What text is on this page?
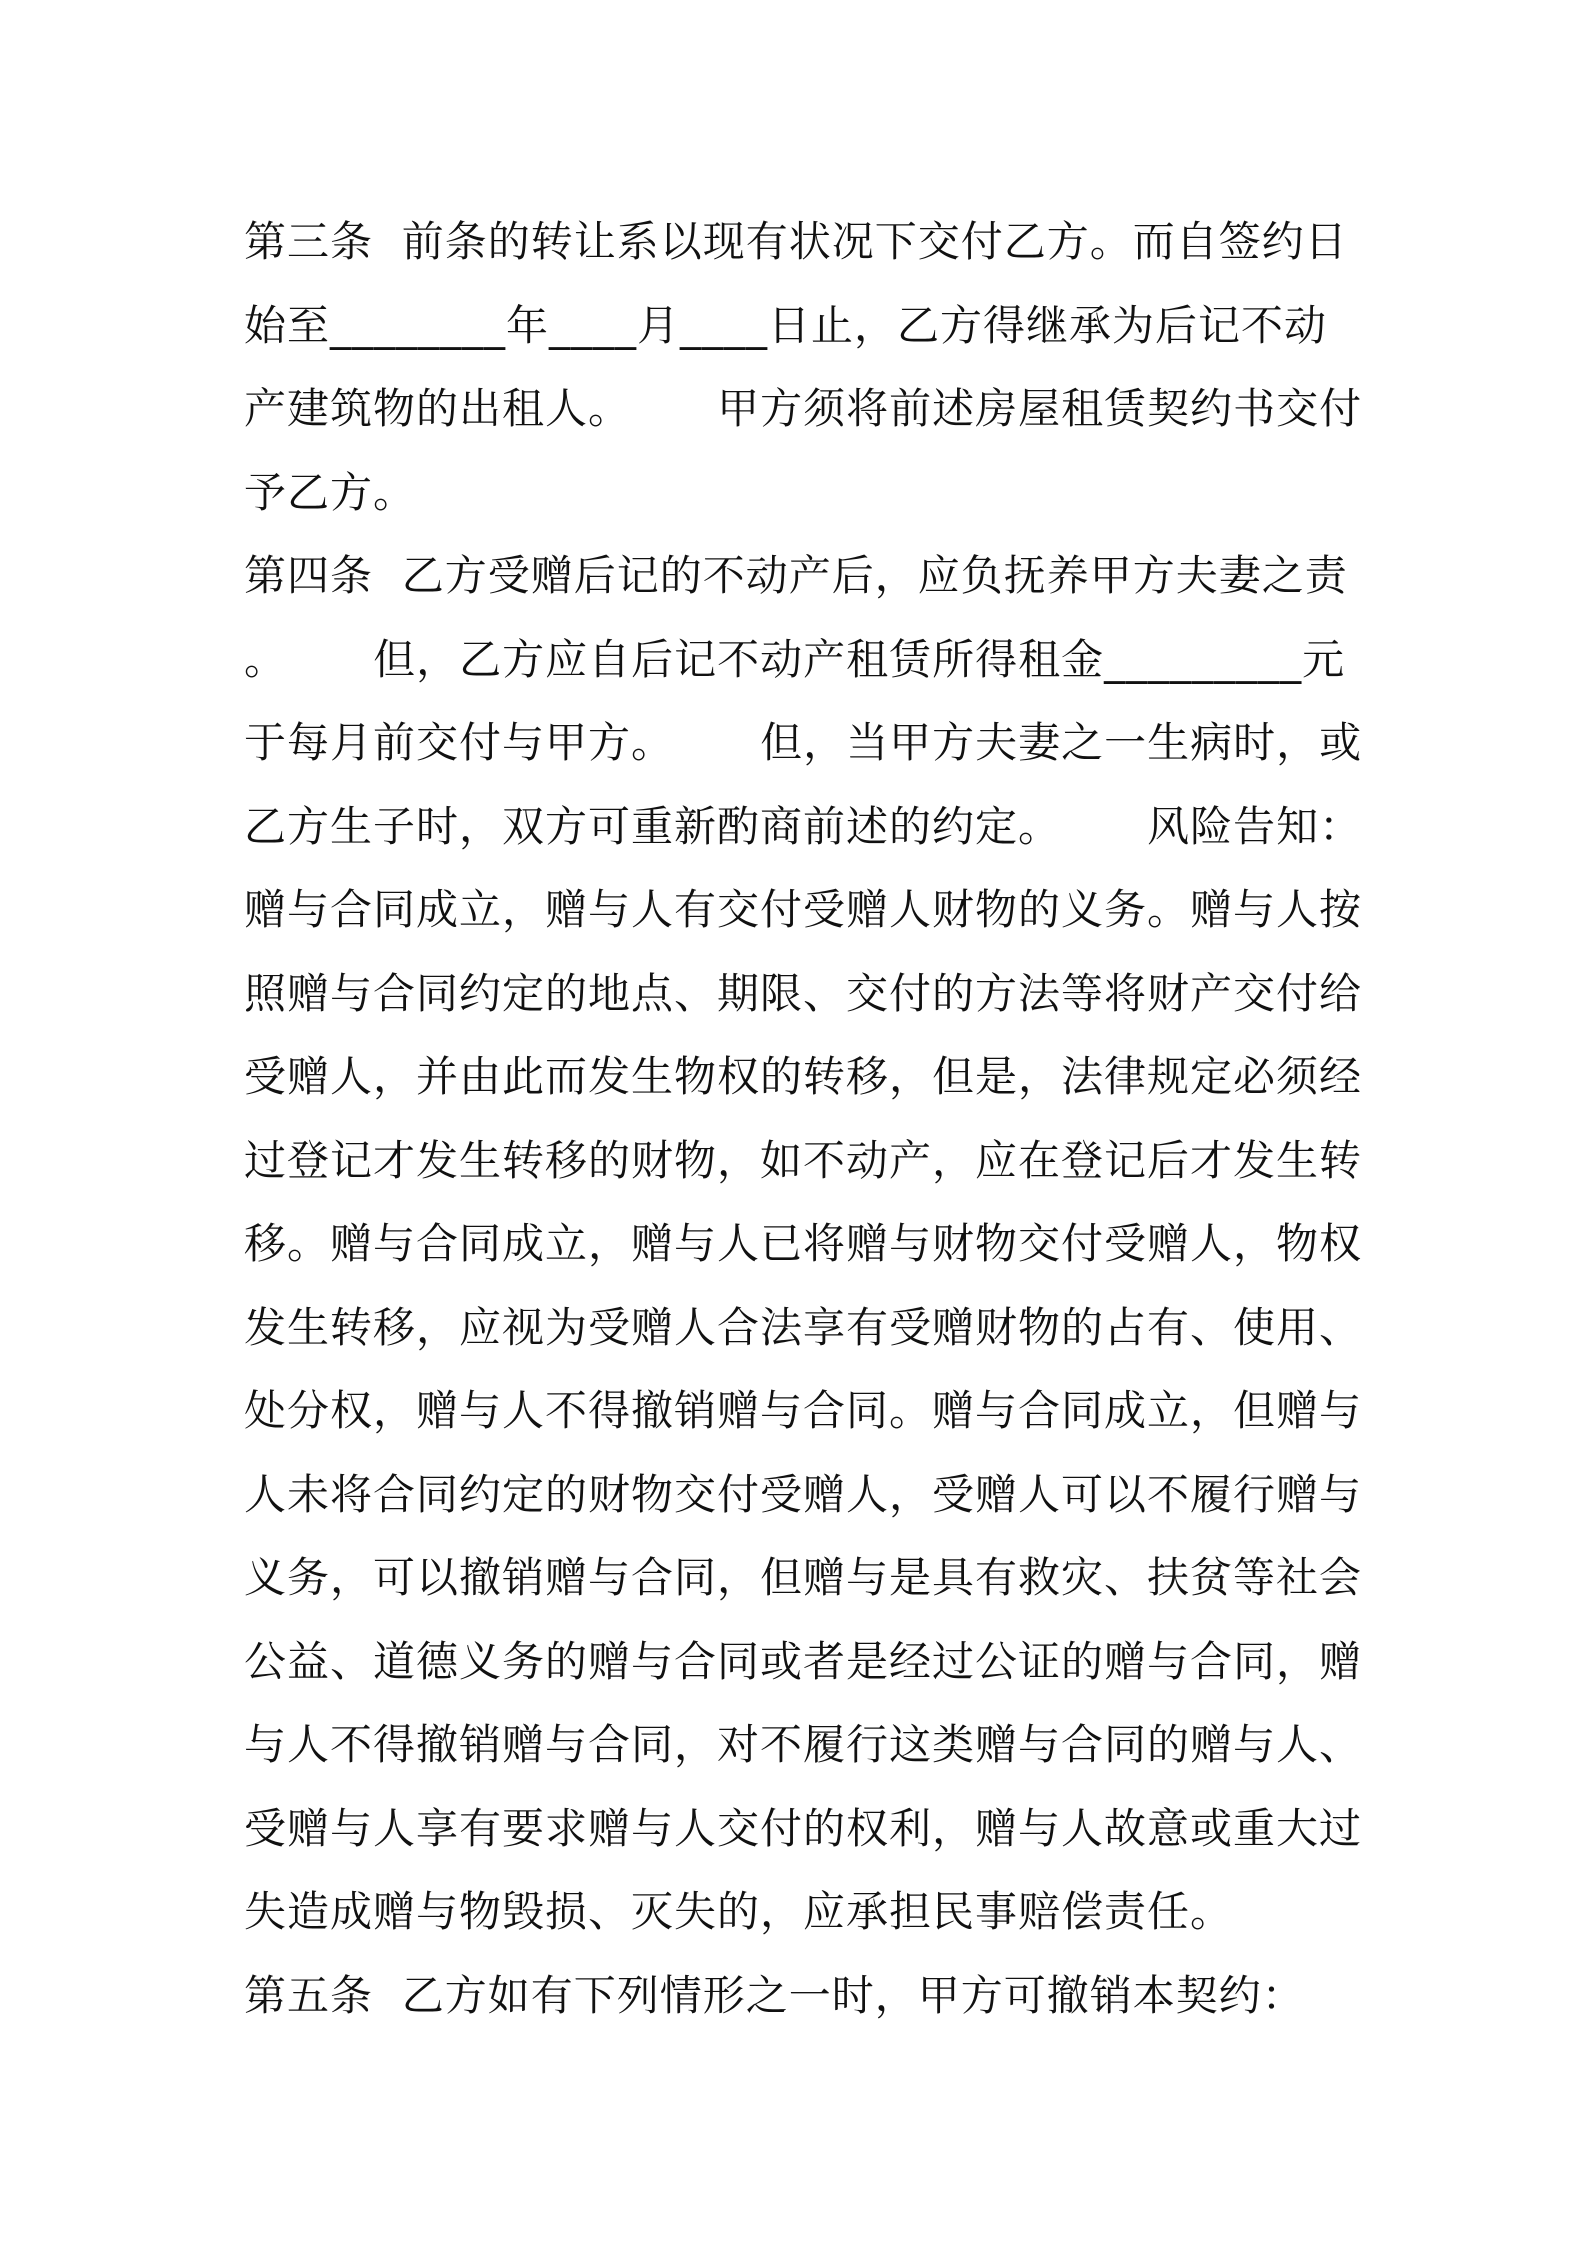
第三条  前条的转让系以现有状况下交付乙方。而自签约日
始至________年____月____日止，乙方得继承为后记不动
产建筑物的出租人。      甲方须将前述房屋租赁契约书交付
予乙方。
第四条  乙方受赠后记的不动产后，应负抚养甲方夫妻之责
。      但，乙方应自后记不动产租赁所得租金_________元
于每月前交付与甲方。      但，当甲方夫妻之一生病时，或
乙方生子时，双方可重新酌商前述的约定。      风险告知：
赠与合同成立，赠与人有交付受赠人财物的义务。赠与人按
照赠与合同约定的地点、期限、交付的方法等将财产交付给
受赠人，并由此而发生物权的转移，但是，法律规定必须经
过登记才发生转移的财物，如不动产，应在登记后才发生转
移。赠与合同成立，赠与人已将赠与财物交付受赠人，物权
发生转移，应视为受赠人合法享有受赠财物的占有、使用、
处分权，赠与人不得撤销赠与合同。赠与合同成立，但赠与
人未将合同约定的财物交付受赠人，受赠人可以不履行赠与
义务，可以撤销赠与合同，但赠与是具有救灾、扶贫等社会
公益、道德义务的赠与合同或者是经过公证的赠与合同，赠
与人不得撤销赠与合同，对不履行这类赠与合同的赠与人、
受赠与人享有要求赠与人交付的权利，赠与人故意或重大过
失造成赠与物毁损、灭失的，应承担民事赔偿责任。
第五条  乙方如有下列情形之一时，甲方可撤销本契约：
